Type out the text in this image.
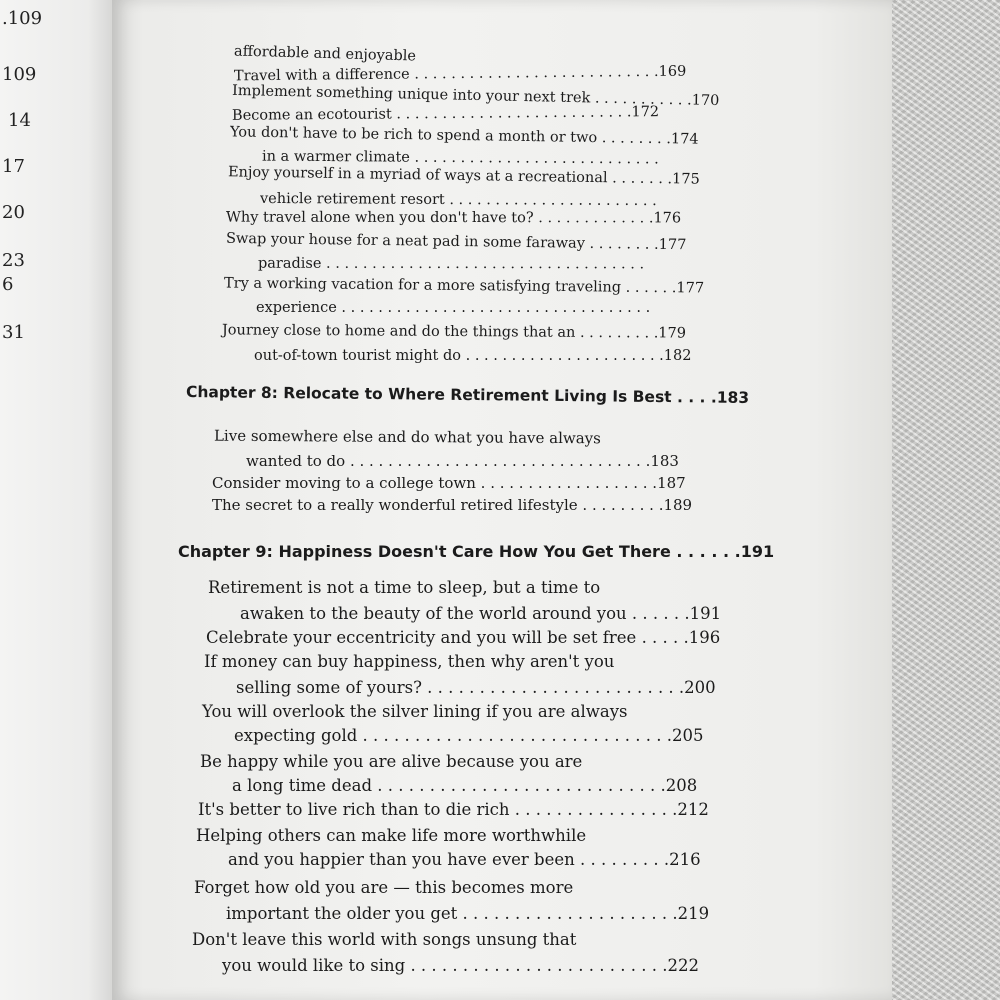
.109
109
14
17
20
23
6
31
affordable and enjoyable
Travel with a difference . . . . . . . . . . . . . . . . . . . . . . . . . . .169
Implement something unique into your next trek . . . . . . . . . . .170
Become an ecotourist . . . . . . . . . . . . . . . . . . . . . . . . . .172
You don't have to be rich to spend a month or two . . . . . . . .174
in a warmer climate . . . . . . . . . . . . . . . . . . . . . . . . . . .
Enjoy yourself in a myriad of ways at a recreational . . . . . . .175
vehicle retirement resort . . . . . . . . . . . . . . . . . . . . . . .
Why travel alone when you don't have to? . . . . . . . . . . . . .176
Swap your house for a neat pad in some faraway . . . . . . . .177
paradise . . . . . . . . . . . . . . . . . . . . . . . . . . . . . . . . . . .
Try a working vacation for a more satisfying traveling . . . . . .177
experience . . . . . . . . . . . . . . . . . . . . . . . . . . . . . . . . . .
Journey close to home and do the things that an . . . . . . . . .179
out-of-town tourist might do . . . . . . . . . . . . . . . . . . . . . .182
Chapter 8: Relocate to Where Retirement Living Is Best . . . .183
Live somewhere else and do what you have always
wanted to do . . . . . . . . . . . . . . . . . . . . . . . . . . . . . . . .183
Consider moving to a college town . . . . . . . . . . . . . . . . . . .187
The secret to a really wonderful retired lifestyle . . . . . . . . .189
Chapter 9: Happiness Doesn't Care How You Get There . . . . . .191
Retirement is not a time to sleep, but a time to
awaken to the beauty of the world around you . . . . . .191
Celebrate your eccentricity and you will be set free . . . . .196
If money can buy happiness, then why aren't you
selling some of yours? . . . . . . . . . . . . . . . . . . . . . . . . .200
You will overlook the silver lining if you are always
expecting gold . . . . . . . . . . . . . . . . . . . . . . . . . . . . . .205
Be happy while you are alive because you are
a long time dead . . . . . . . . . . . . . . . . . . . . . . . . . . . .208
It's better to live rich than to die rich . . . . . . . . . . . . . . . .212
Helping others can make life more worthwhile
and you happier than you have ever been . . . . . . . . .216
Forget how old you are — this becomes more
important the older you get . . . . . . . . . . . . . . . . . . . . .219
Don't leave this world with songs unsung that
you would like to sing . . . . . . . . . . . . . . . . . . . . . . . . .222
